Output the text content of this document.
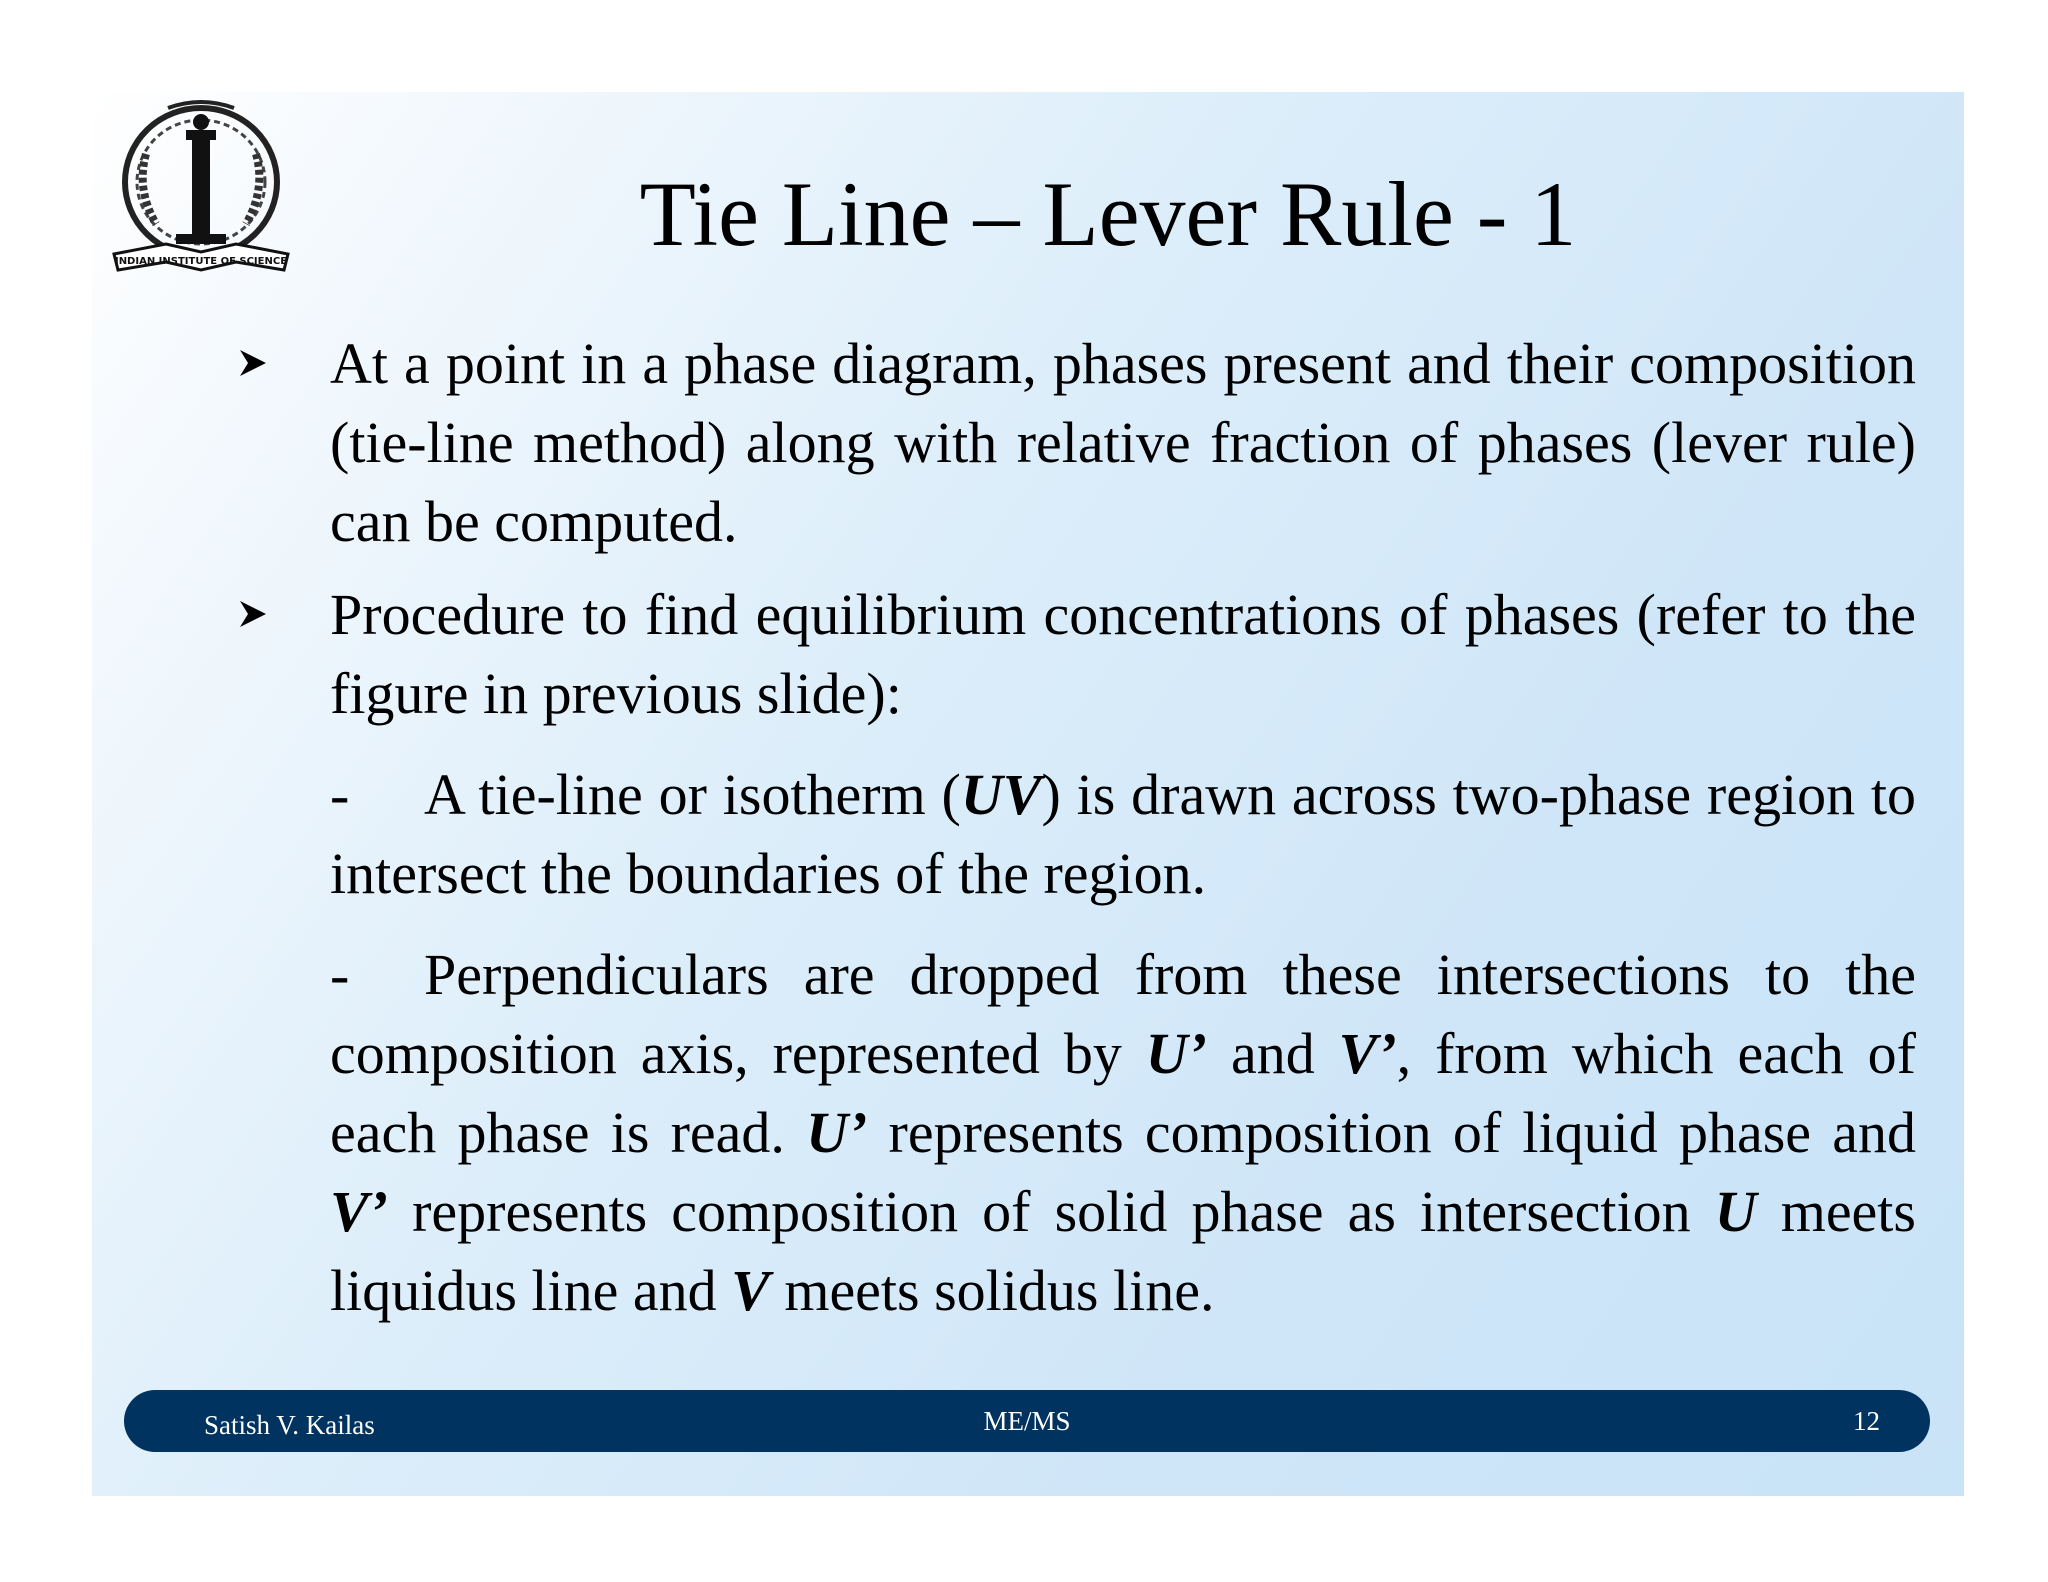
INDIAN INSTITUTE OF SCIENCE	Tie Line – Lever Rule - 1

At a point in a phase diagram, phases present and their composition (tie-line method) along with relative fraction of phases (lever rule) can be computed.

Procedure to find equilibrium concentrations of phases (refer to the figure in previous slide):

- A tie-line or isotherm (UV) is drawn across two-phase region to intersect the boundaries of the region.

- Perpendiculars are dropped from these intersections to the composition axis, represented by U’ and V’, from which each of each phase is read. U’ represents composition of liquid phase and V’ represents composition of solid phase as intersection U meets liquidus line and V meets solidus line.

Satish V. Kailas	ME/MS	12
